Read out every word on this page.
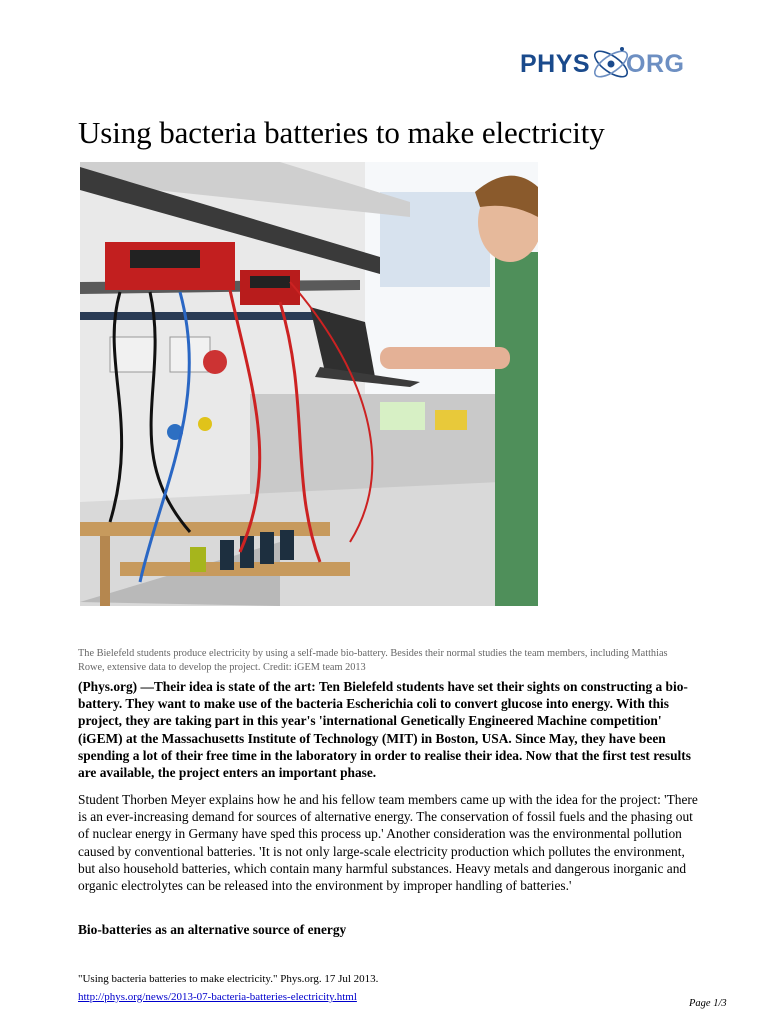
PHYS ORG
Using bacteria batteries to make electricity

The Bielefeld students produce electricity by using a self-made bio-battery. Besides their normal studies the team members, including Matthias Rowe, extensive data to develop the project. Credit: iGEM team 2013

(Phys.org) —Their idea is state of the art: Ten Bielefeld students have set their sights on constructing a bio-battery. They want to make use of the bacteria Escherichia coli to convert glucose into energy. With this project, they are taking part in this year's 'international Genetically Engineered Machine competition' (iGEM) at the Massachusetts Institute of Technology (MIT) in Boston, USA. Since May, they have been spending a lot of their free time in the laboratory in order to realise their idea. Now that the first test results are available, the project enters an important phase.

Student Thorben Meyer explains how he and his fellow team members came up with the idea for the project: 'There is an ever-increasing demand for sources of alternative energy. The conservation of fossil fuels and the phasing out of nuclear energy in Germany have sped this process up.' Another consideration was the environmental pollution caused by conventional batteries. 'It is not only large-scale electricity production which pollutes the environment, but also household batteries, which contain many harmful substances. Heavy metals and dangerous inorganic and organic electrolytes can be released into the environment by improper handling of batteries.'

Bio-batteries as an alternative source of energy

"Using bacteria batteries to make electricity." Phys.org. 17 Jul 2013.

http://phys.org/news/2013-07-bacteria-batteries-electricity.html
Page 1/3
